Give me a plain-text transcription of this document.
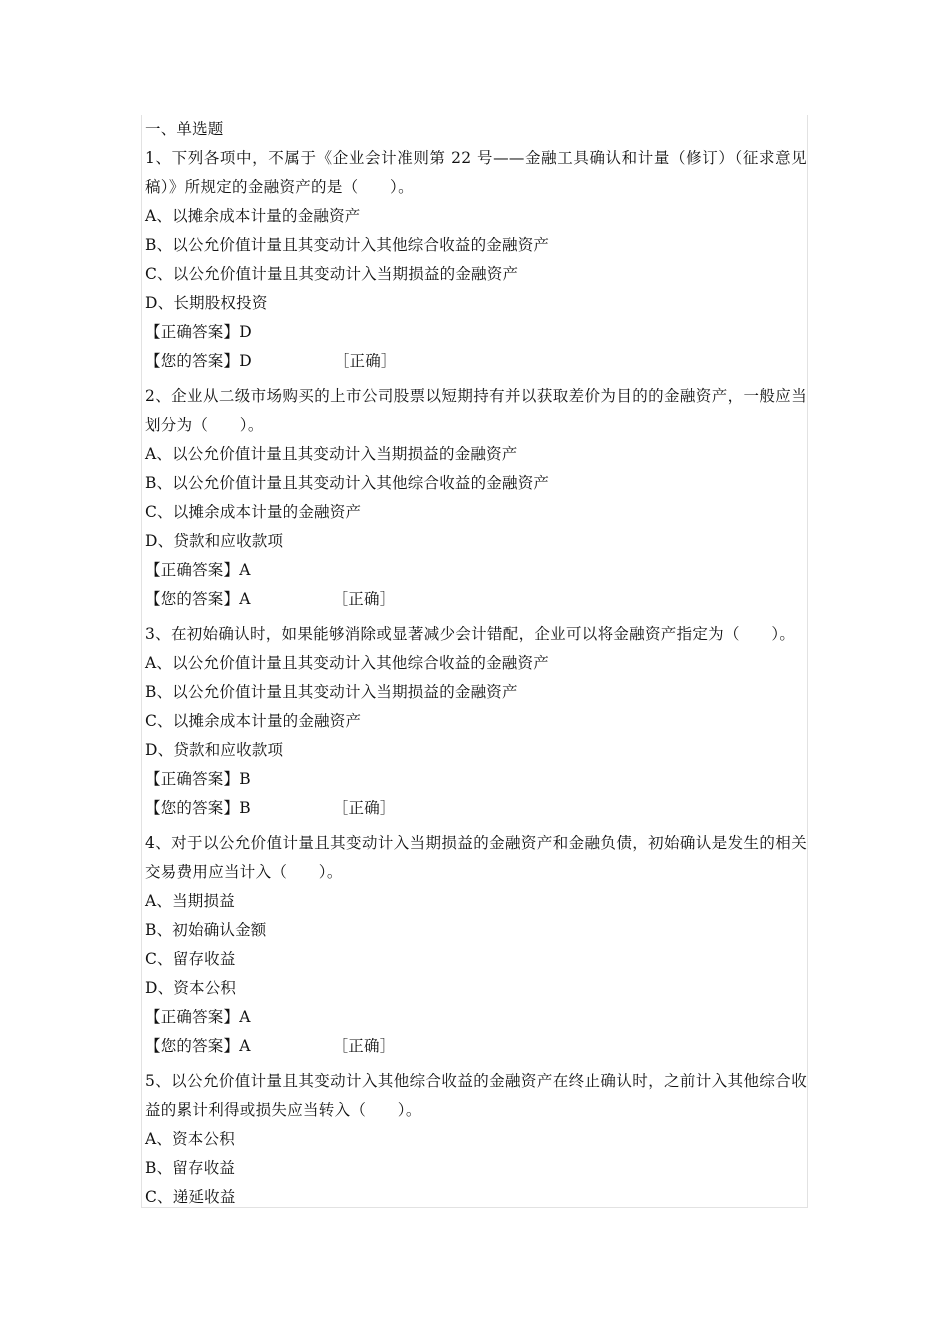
一、单选题
1、下列各项中，不属于《企业会计准则第 22 号——金融工具确认和计量（修订）（征求意见稿）》所规定的金融资产的是（　　）。
A、以摊余成本计量的金融资产
B、以公允价值计量且其变动计入其他综合收益的金融资产
C、以公允价值计量且其变动计入当期损益的金融资产
D、长期股权投资
【正确答案】D
【您的答案】D	［正确］
2、企业从二级市场购买的上市公司股票以短期持有并以获取差价为目的的金融资产，一般应当划分为（　　）。
A、以公允价值计量且其变动计入当期损益的金融资产
B、以公允价值计量且其变动计入其他综合收益的金融资产
C、以摊余成本计量的金融资产
D、贷款和应收款项
【正确答案】A
【您的答案】A	［正确］
3、在初始确认时，如果能够消除或显著减少会计错配，企业可以将金融资产指定为（　　）。
A、以公允价值计量且其变动计入其他综合收益的金融资产
B、以公允价值计量且其变动计入当期损益的金融资产
C、以摊余成本计量的金融资产
D、贷款和应收款项
【正确答案】B
【您的答案】B	［正确］
4、对于以公允价值计量且其变动计入当期损益的金融资产和金融负债，初始确认是发生的相关交易费用应当计入（　　）。
A、当期损益
B、初始确认金额
C、留存收益
D、资本公积
【正确答案】A
【您的答案】A	［正确］
5、以公允价值计量且其变动计入其他综合收益的金融资产在终止确认时，之前计入其他综合收益的累计利得或损失应当转入（　　）。
A、资本公积
B、留存收益
C、递延收益
